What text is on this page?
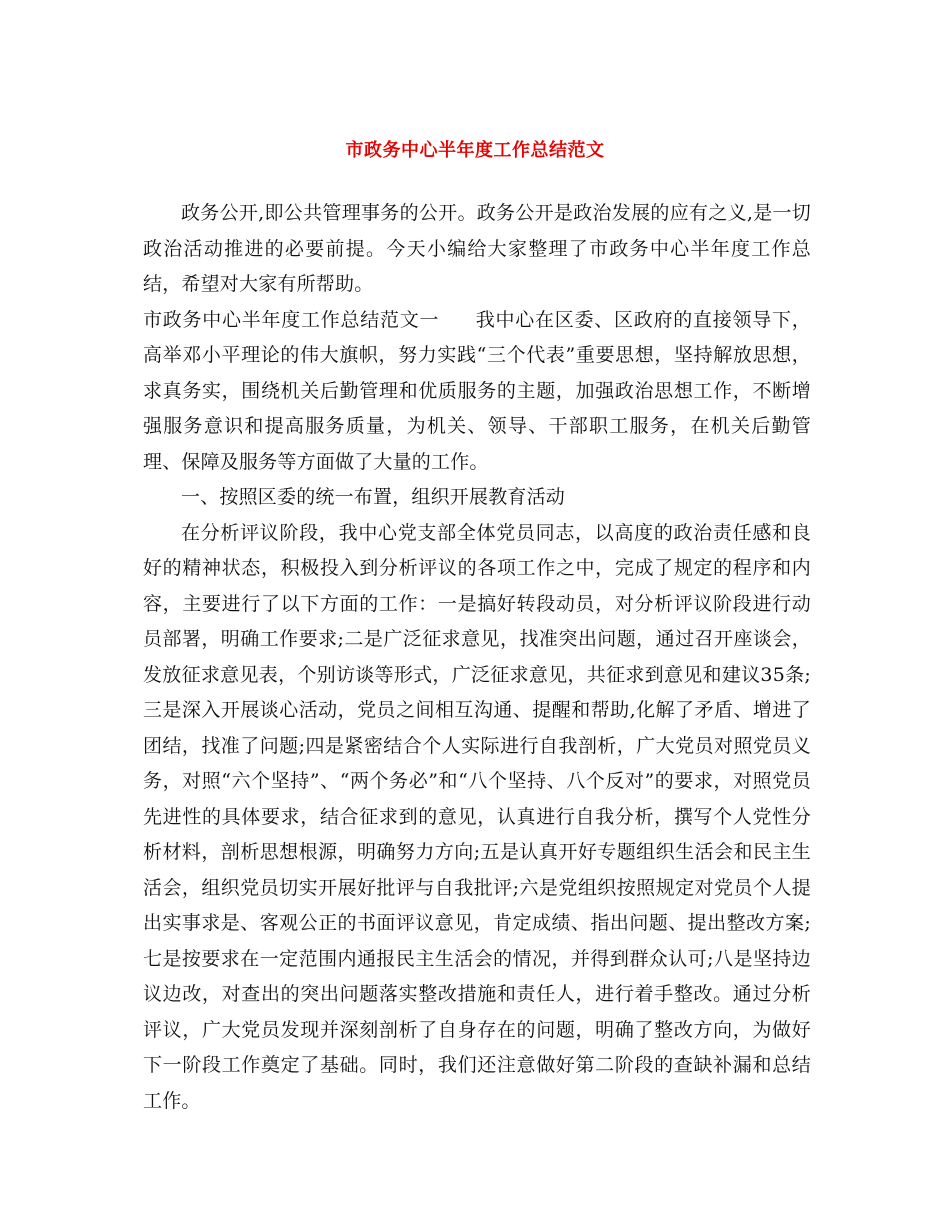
市政务中心半年度工作总结范文

政务公开,即公共管理事务的公开。政务公开是政治发展的应有之义,是一切政治活动推进的必要前提。今天小编给大家整理了市政务中心半年度工作总结，希望对大家有所帮助。

市政务中心半年度工作总结范文一 我中心在区委、区政府的直接领导下，高举邓小平理论的伟大旗帜，努力实践“三个代表”重要思想，坚持解放思想，求真务实，围绕机关后勤管理和优质服务的主题，加强政治思想工作，不断增强服务意识和提高服务质量，为机关、领导、干部职工服务，在机关后勤管理、保障及服务等方面做了大量的工作。

一、按照区委的统一布置，组织开展教育活动

在分析评议阶段，我中心党支部全体党员同志，以高度的政治责任感和良好的精神状态，积极投入到分析评议的各项工作之中，完成了规定的程序和内容，主要进行了以下方面的工作：一是搞好转段动员，对分析评议阶段进行动员部署，明确工作要求;二是广泛征求意见，找准突出问题，通过召开座谈会，发放征求意见表，个别访谈等形式，广泛征求意见，共征求到意见和建议35条;三是深入开展谈心活动，党员之间相互沟通、提醒和帮助,化解了矛盾、增进了团结，找准了问题;四是紧密结合个人实际进行自我剖析，广大党员对照党员义务，对照“六个坚持”、“两个务必”和“八个坚持、八个反对”的要求，对照党员先进性的具体要求，结合征求到的意见，认真进行自我分析，撰写个人党性分析材料，剖析思想根源，明确努力方向;五是认真开好专题组织生活会和民主生活会，组织党员切实开展好批评与自我批评;六是党组织按照规定对党员个人提出实事求是、客观公正的书面评议意见，肯定成绩、指出问题、提出整改方案;七是按要求在一定范围内通报民主生活会的情况，并得到群众认可;八是坚持边议边改，对查出的突出问题落实整改措施和责任人，进行着手整改。通过分析评议，广大党员发现并深刻剖析了自身存在的问题，明确了整改方向，为做好下一阶段工作奠定了基础。同时，我们还注意做好第二阶段的查缺补漏和总结工作。
